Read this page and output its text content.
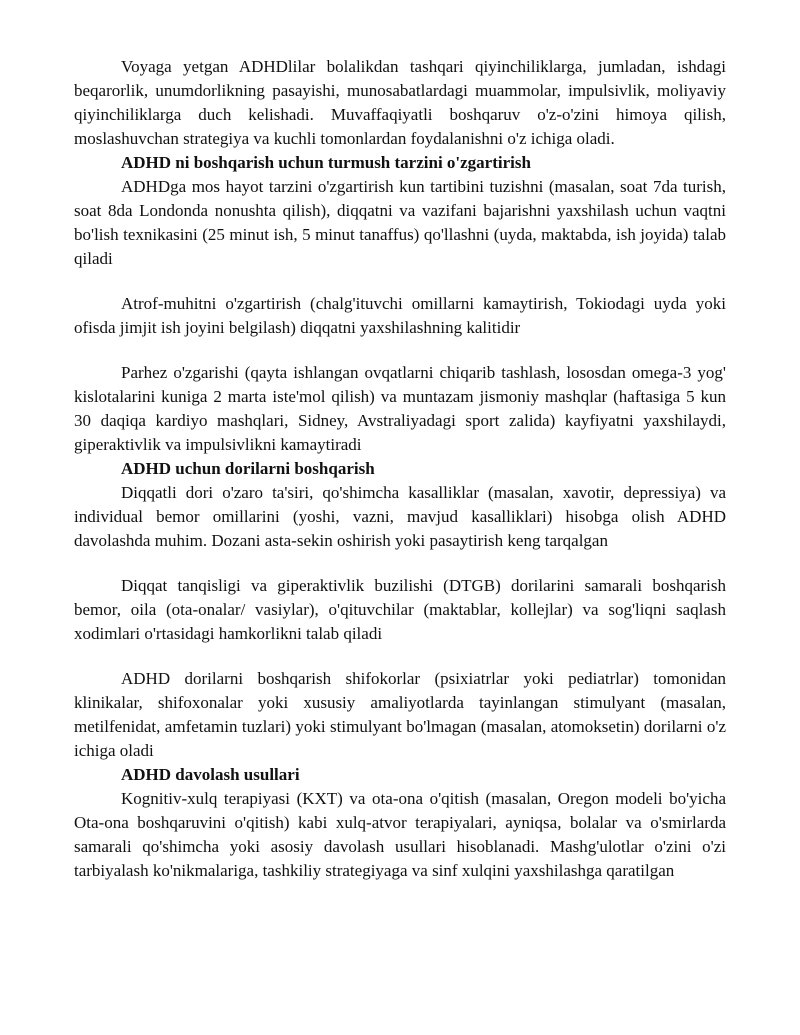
Voyaga yetgan ADHDlilar bolalikdan tashqari qiyinchiliklarga, jumladan, ishdagi beqarorlik, unumdorlikning pasayishi, munosabatlardagi muammolar, impulsivlik, moliyaviy qiyinchiliklarga duch kelishadi. Muvaffaqiyatli boshqaruv o'z-o'zini himoya qilish, moslashuvchan strategiya va kuchli tomonlardan foydalanishni o'z ichiga oladi.

ADHD ni boshqarish uchun turmush tarzini o'zgartirish

ADHDga mos hayot tarzini o'zgartirish kun tartibini tuzishni (masalan, soat 7da turish, soat 8da Londonda nonushta qilish), diqqatni va vazifani bajarishni yaxshilash uchun vaqtni bo'lish texnikasini (25 minut ish, 5 minut tanaffus) qo'llashni (uyda, maktabda, ish joyida) talab qiladi

Atrof-muhitni o'zgartirish (chalg'ituvchi omillarni kamaytirish, Tokiodagi uyda yoki ofisda jimjit ish joyini belgilash) diqqatni yaxshilashning kalitidir

Parhez o'zgarishi (qayta ishlangan ovqatlarni chiqarib tashlash, lososdan omega-3 yog' kislotalarini kuniga 2 marta iste'mol qilish) va muntazam jismoniy mashqlar (haftasiga 5 kun 30 daqiqa kardiyo mashqlari, Sidney, Avstraliyadagi sport zalida) kayfiyatni yaxshilaydi, giperaktivlik va impulsivlikni kamaytiradi

ADHD uchun dorilarni boshqarish

Diqqatli dori o'zaro ta'siri, qo'shimcha kasalliklar (masalan, xavotir, depressiya) va individual bemor omillarini (yoshi, vazni, mavjud kasalliklari) hisobga olish ADHD davolashda muhim. Dozani asta-sekin oshirish yoki pasaytirish keng tarqalgan

Diqqat tanqisligi va giperaktivlik buzilishi (DTGB) dorilarini samarali boshqarish bemor, oila (ota-onalar/ vasiylar), o'qituvchilar (maktablar, kollejlar) va sog'liqni saqlash xodimlari o'rtasidagi hamkorlikni talab qiladi

ADHD dorilarni boshqarish shifokorlar (psixiatrlar yoki pediatrlar) tomonidan klinikalar, shifoxonalar yoki xususiy amaliyotlarda tayinlangan stimulyant (masalan, metilfenidat, amfetamin tuzlari) yoki stimulyant bo'lmagan (masalan, atomoksetin) dorilarni o'z ichiga oladi

ADHD davolash usullari

Kognitiv-xulq terapiyasi (KXT) va ota-ona o'qitish (masalan, Oregon modeli bo'yicha Ota-ona boshqaruvini o'qitish) kabi xulq-atvor terapiyalari, ayniqsa, bolalar va o'smirlarda samarali qo'shimcha yoki asosiy davolash usullari hisoblanadi. Mashg'ulotlar o'zini o'zi tarbiyalash ko'nikmalariga, tashkiliy strategiyaga va sinf xulqini yaxshilashga qaratilgan
